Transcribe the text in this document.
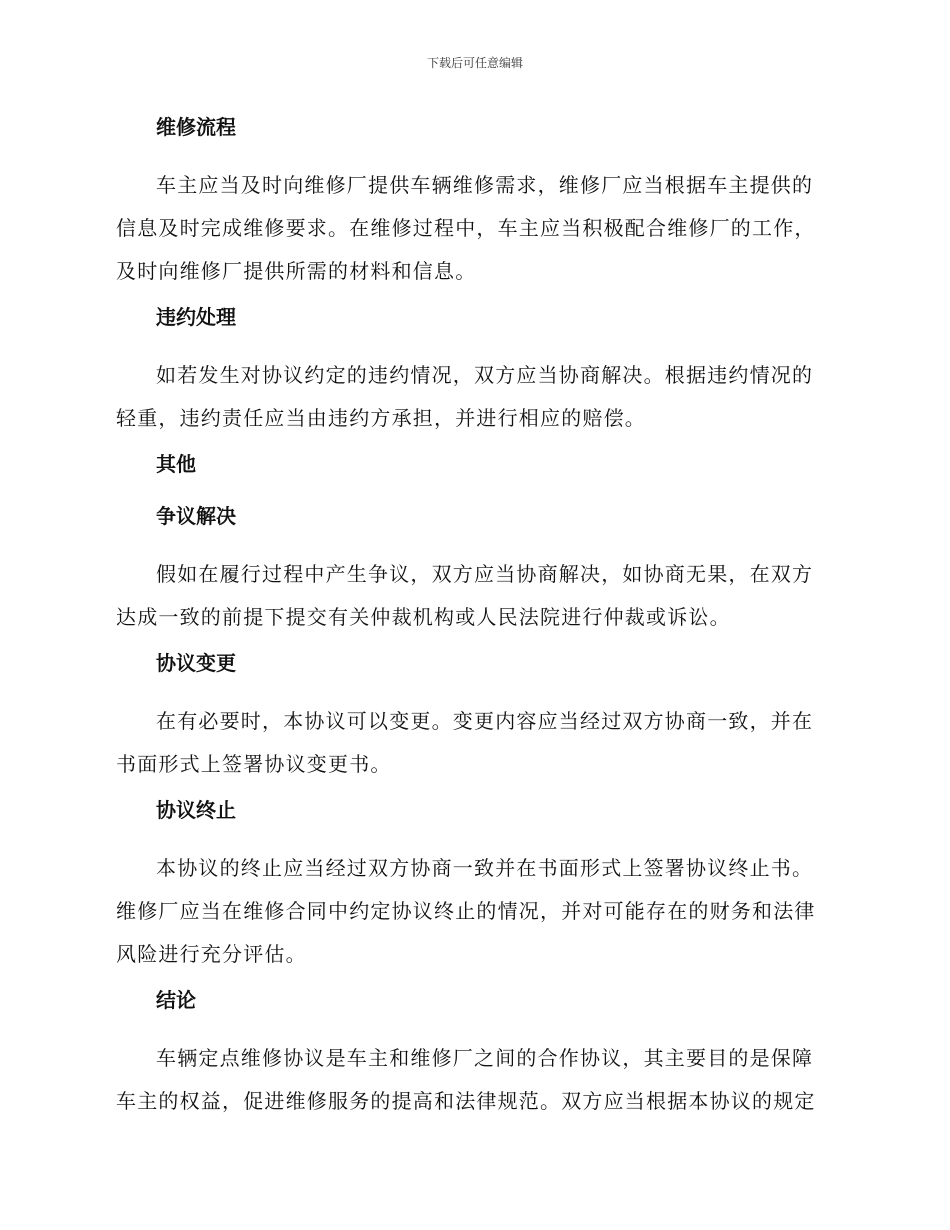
下载后可任意编辑
维修流程
车主应当及时向维修厂提供车辆维修需求，维修厂应当根据车主提供的
信息及时完成维修要求。在维修过程中，车主应当积极配合维修厂的工作，
及时向维修厂提供所需的材料和信息。
违约处理
如若发生对协议约定的违约情况，双方应当协商解决。根据违约情况的
轻重，违约责任应当由违约方承担，并进行相应的赔偿。
其他
争议解决
假如在履行过程中产生争议，双方应当协商解决，如协商无果，在双方
达成一致的前提下提交有关仲裁机构或人民法院进行仲裁或诉讼。
协议变更
在有必要时，本协议可以变更。变更内容应当经过双方协商一致，并在
书面形式上签署协议变更书。
协议终止
本协议的终止应当经过双方协商一致并在书面形式上签署协议终止书。
维修厂应当在维修合同中约定协议终止的情况，并对可能存在的财务和法律
风险进行充分评估。
结论
车辆定点维修协议是车主和维修厂之间的合作协议，其主要目的是保障
车主的权益，促进维修服务的提高和法律规范。双方应当根据本协议的规定
